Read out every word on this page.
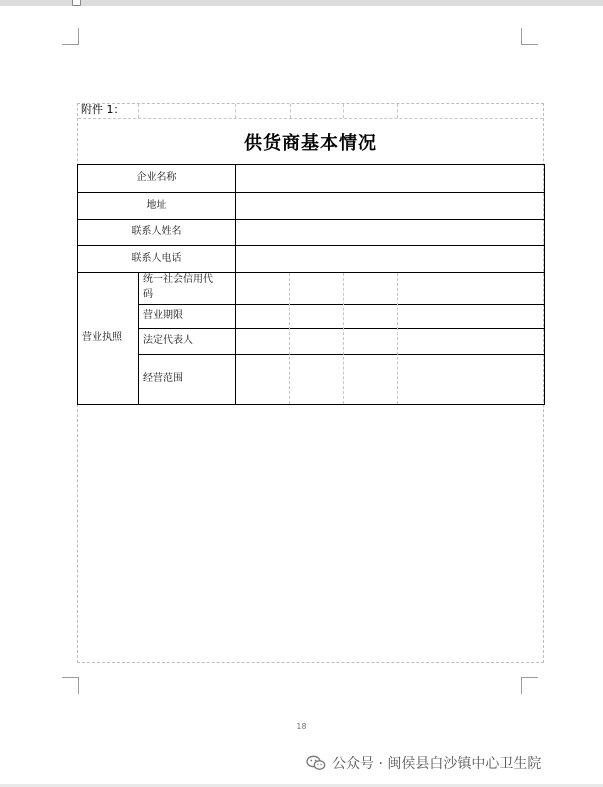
附件 1：
供货商基本情况
企业名称
地址
联系人姓名
联系人电话
营业执照
统一社会信用代
码
营业期限
法定代表人
经营范围
18
公众号 · 闽侯县白沙镇中心卫生院
